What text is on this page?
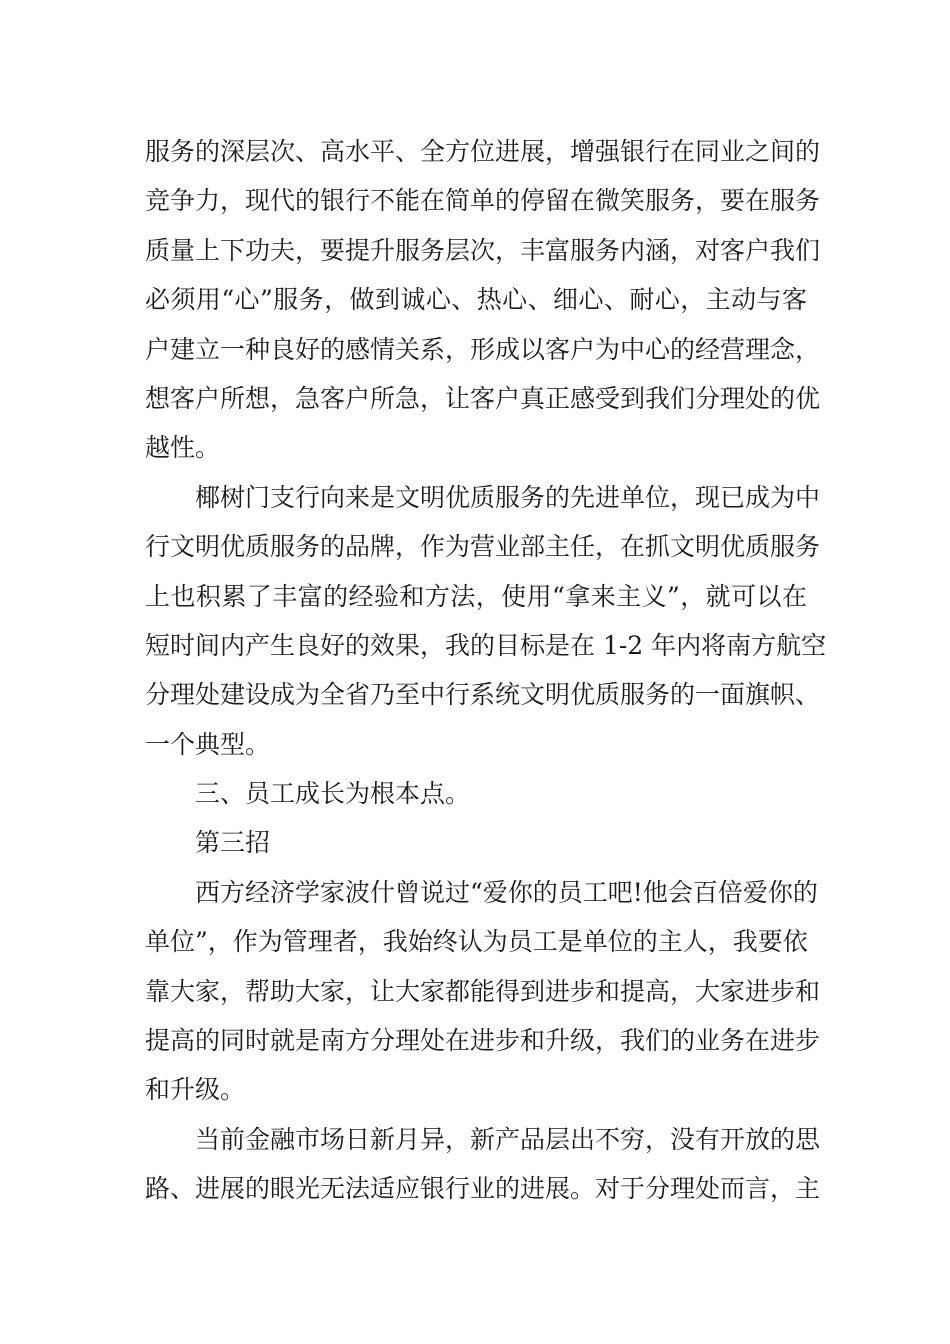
服务的深层次、高水平、全方位进展，增强银行在同业之间的
竞争力，现代的银行不能在简单的停留在微笑服务，要在服务
质量上下功夫，要提升服务层次，丰富服务内涵，对客户我们
必须用“心”服务，做到诚心、热心、细心、耐心，主动与客
户建立一种良好的感情关系，形成以客户为中心的经营理念，
想客户所想，急客户所急，让客户真正感受到我们分理处的优
越性。
椰树门支行向来是文明优质服务的先进单位，现已成为中
行文明优质服务的品牌，作为营业部主任，在抓文明优质服务
上也积累了丰富的经验和方法，使用“拿来主义”，就可以在
短时间内产生良好的效果，我的目标是在 1-2 年内将南方航空
分理处建设成为全省乃至中行系统文明优质服务的一面旗帜、
一个典型。
三、员工成长为根本点。
第三招
西方经济学家波什曾说过“爱你的员工吧!他会百倍爱你的
单位”，作为管理者，我始终认为员工是单位的主人，我要依
靠大家，帮助大家，让大家都能得到进步和提高，大家进步和
提高的同时就是南方分理处在进步和升级，我们的业务在进步
和升级。
当前金融市场日新月异，新产品层出不穷，没有开放的思
路、进展的眼光无法适应银行业的进展。对于分理处而言，主
